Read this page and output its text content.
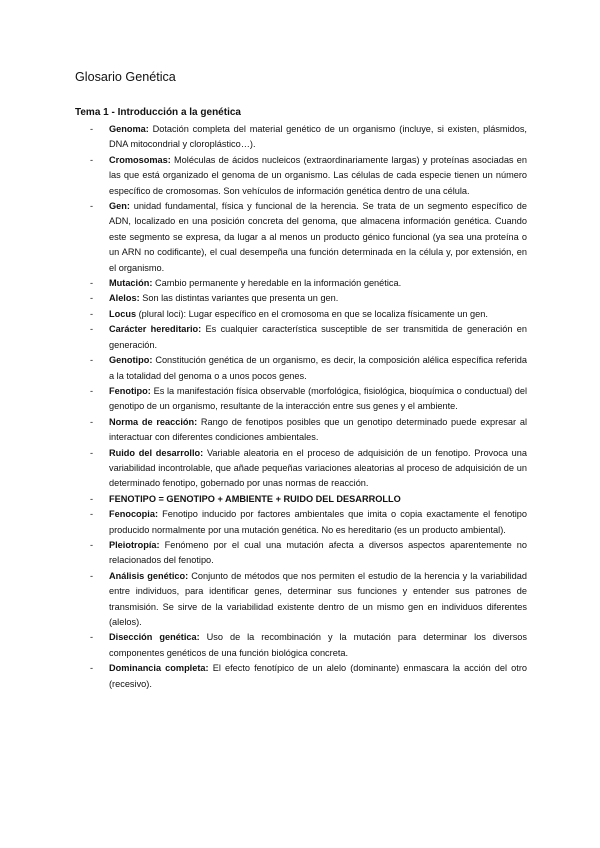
Glosario Genética
Tema 1 - Introducción a la genética
- Genoma: Dotación completa del material genético de un organismo (incluye, si existen, plásmidos, DNA mitocondrial y cloroplástico…).
- Cromosomas: Moléculas de ácidos nucleicos (extraordinariamente largas) y proteínas asociadas en las que está organizado el genoma de un organismo. Las células de cada especie tienen un número específico de cromosomas. Son vehículos de información genética dentro de una célula.
- Gen: unidad fundamental, física y funcional de la herencia. Se trata de un segmento específico de ADN, localizado en una posición concreta del genoma, que almacena información genética. Cuando este segmento se expresa, da lugar a al menos un producto génico funcional (ya sea una proteína o un ARN no codificante), el cual desempeña una función determinada en la célula y, por extensión, en el organismo.
- Mutación: Cambio permanente y heredable en la información genética.
- Alelos: Son las distintas variantes que presenta un gen.
- Locus (plural loci): Lugar específico en el cromosoma en que se localiza físicamente un gen.
- Carácter hereditario: Es cualquier característica susceptible de ser transmitida de generación en generación.
- Genotipo: Constitución genética de un organismo, es decir, la composición alélica específica referida a la totalidad del genoma o a unos pocos genes.
- Fenotipo: Es la manifestación física observable (morfológica, fisiológica, bioquímica o conductual) del genotipo de un organismo, resultante de la interacción entre sus genes y el ambiente.
- Norma de reacción: Rango de fenotipos posibles que un genotipo determinado puede expresar al interactuar con diferentes condiciones ambientales.
- Ruido del desarrollo: Variable aleatoria en el proceso de adquisición de un fenotipo. Provoca una variabilidad incontrolable, que añade pequeñas variaciones aleatorias al proceso de adquisición de un determinado fenotipo, gobernado por unas normas de reacción.
- FENOTIPO = GENOTIPO + AMBIENTE + RUIDO DEL DESARROLLO
- Fenocopia: Fenotipo inducido por factores ambientales que imita o copia exactamente el fenotipo producido normalmente por una mutación genética. No es hereditario (es un producto ambiental).
- Pleiotropía: Fenómeno por el cual una mutación afecta a diversos aspectos aparentemente no relacionados del fenotipo.
- Análisis genético: Conjunto de métodos que nos permiten el estudio de la herencia y la variabilidad entre individuos, para identificar genes, determinar sus funciones y entender sus patrones de transmisión. Se sirve de la variabilidad existente dentro de un mismo gen en individuos diferentes (alelos).
- Disección genética: Uso de la recombinación y la mutación para determinar los diversos componentes genéticos de una función biológica concreta.
- Dominancia completa: El efecto fenotípico de un alelo (dominante) enmascara la acción del otro (recesivo).
